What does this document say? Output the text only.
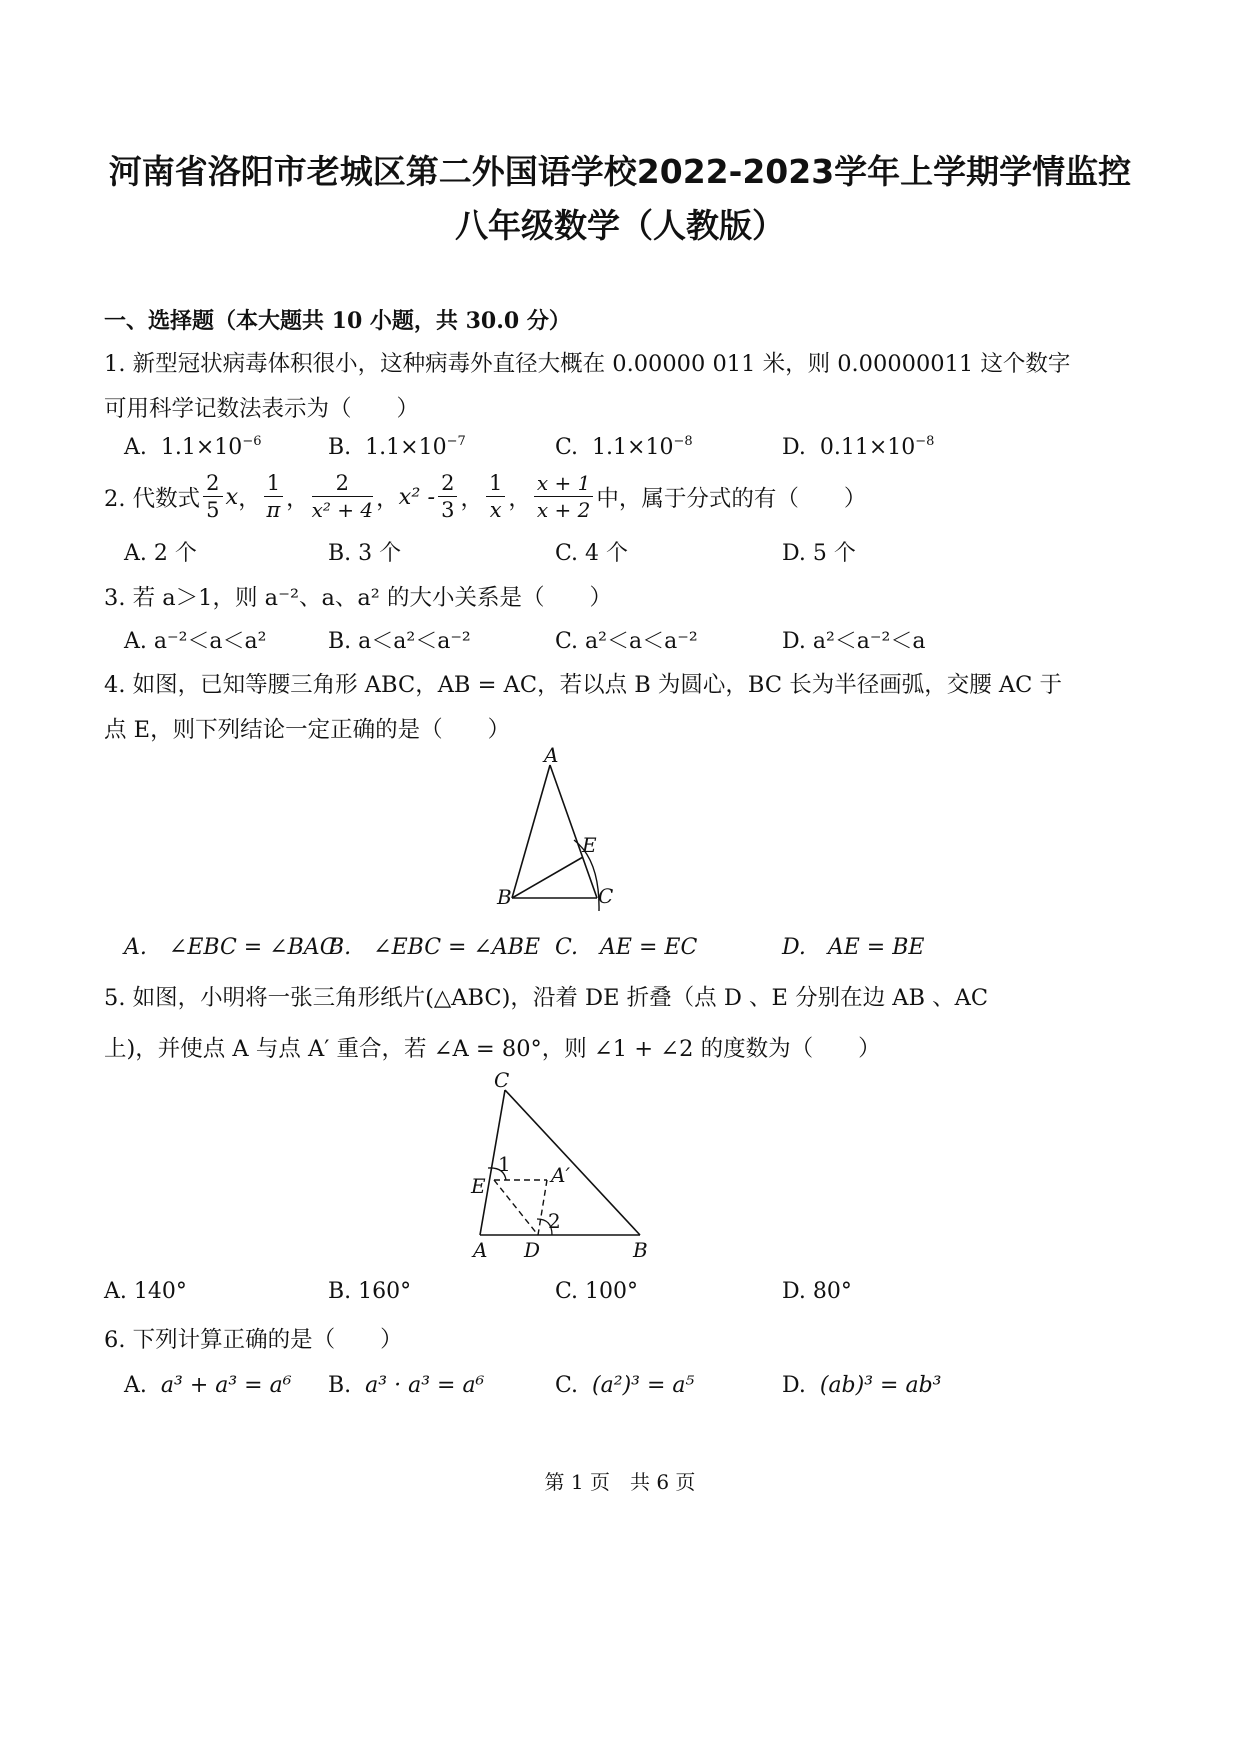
河南省洛阳市老城区第二外国语学校2022-2023学年上学期学情监控
八年级数学（人教版）
一、选择题（本大题共 10 小题，共 30.0 分）
1. 新型冠状病毒体积很小，这种病毒外直径大概在 0.00000 011 米，则 0.00000011 这个数字
可用科学记数法表示为（　　）
A. $1.1\times 10^{-6}$	B. $1.1\times 10^{-7}$	C. $1.1\times 10^{-8}$	D. $0.11\times 10^{-8}$
2. 代数式 $\frac{2}{5}$ x ， $\frac{1}{\pi}$ ， $\frac{2}{\text{x² + 4}}$ ， $x^2 - \frac{2}{3}$ ， $\frac{1}{x}$ ， $\frac{x + 1}{x + 2}$ 中，属于分式的有（　　）
A. 2 个	B. 3 个	C. 4 个	D. 5 个
3. 若 a＞1，则 a⁻²、a、a² 的大小关系是（　　）
A. a⁻²＜a＜a²	B. a＜a²＜a⁻²	C. a²＜a＜a⁻²	D. a²＜a⁻²＜a
4. 如图，已知等腰三角形 ABC，AB = AC，若以点 B 为圆心，BC 长为半径画弧，交腰 AC 于
点 E，则下列结论一定正确的是（　　）
A
B	C
E
A.　∠EBC = ∠BAC
B.　∠EBC = ∠ABE C.　AE = EC	D.　AE = BE
5. 如图，小明将一张三角形纸片(△ABC)，沿着 DE 折叠（点 D 、E 分别在边 AB 、AC
上)，并使点 A 与点 A′ 重合，若 ∠A = 80°，则 ∠1 + ∠2 的度数为（　　）
C
E
A D	B
A′
1
2
A. 140°	B. 160°	C. 100°	D. 80°
6. 下列计算正确的是（　　）
A. a³ + a³ = a⁶ B. a³ · a³ = a⁶	C. (a²)³ = a⁵	D. (ab)³ = ab³
第 1 页　共 6 页
